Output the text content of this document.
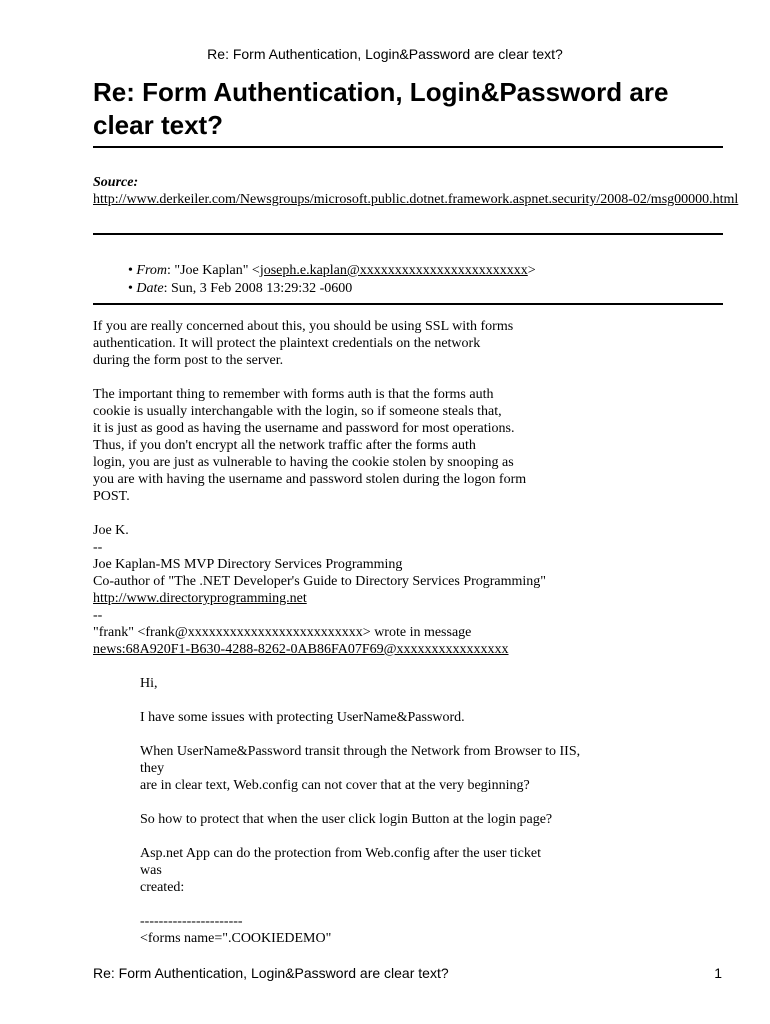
Re: Form Authentication, Login&Password are clear text?
Re: Form Authentication, Login&Password are clear text?
Source:
http://www.derkeiler.com/Newsgroups/microsoft.public.dotnet.framework.aspnet.security/2008-02/msg00000.html
• From: "Joe Kaplan" <joseph.e.kaplan@xxxxxxxxxxxxxxxxxxxxxxxx>
• Date: Sun, 3 Feb 2008 13:29:32 -0600

If you are really concerned about this, you should be using SSL with forms
authentication. It will protect the plaintext credentials on the network
during the form post to the server.

The important thing to remember with forms auth is that the forms auth
cookie is usually interchangable with the login, so if someone steals that,
it is just as good as having the username and password for most operations.
Thus, if you don't encrypt all the network traffic after the forms auth
login, you are just as vulnerable to having the cookie stolen by snooping as
you are with having the username and password stolen during the logon form
POST.

Joe K.
--
Joe Kaplan-MS MVP Directory Services Programming
Co-author of "The .NET Developer's Guide to Directory Services Programming"
http://www.directoryprogramming.net
--
"frank" <frank@xxxxxxxxxxxxxxxxxxxxxxxxx> wrote in message
news:68A920F1-B630-4288-8262-0AB86FA07F69@xxxxxxxxxxxxxxxx

Hi,

I have some issues with protecting UserName&Password.

When UserName&Password transit through the Network from Browser to IIS,
they
are in clear text, Web.config can not cover that at the very beginning?

So how to protect that when the user click login Button at the login page?

Asp.net App can do the protection from Web.config after the user ticket
was
created:

----------------------
<forms name=".COOKIEDEMO"

Re: Form Authentication, Login&Password are clear text?	1
